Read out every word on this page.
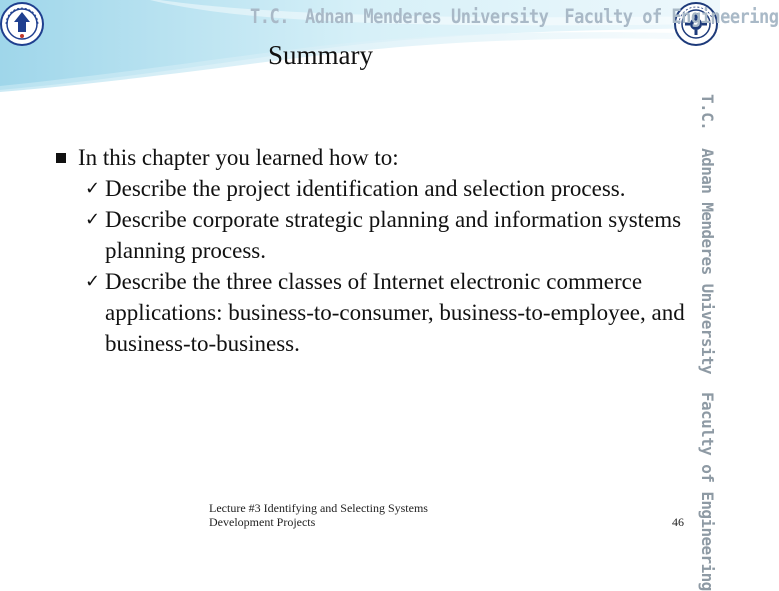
T.C. Adnan Menderes University Faculty of Engineering
Summary
T.C.
Adnan Menderes University
Faculty of Engineering
In this chapter you learned how to:
✓ Describe the project identification and selection process.
✓ Describe corporate strategic planning and information systems planning process.
✓ Describe the three classes of Internet electronic commerce applications: business-to-consumer, business-to-employee, and business-to-business.
Lecture #3 Identifying and Selecting Systems
Development Projects	46
